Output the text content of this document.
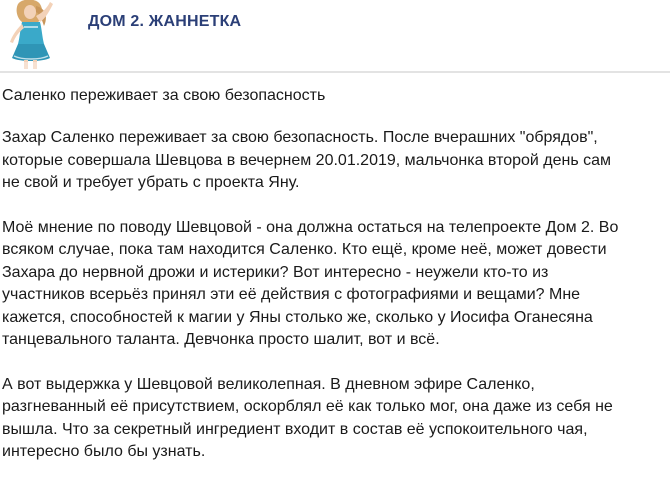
ДОМ 2. ЖАННЕТКА
Саленко переживает за свою безопасность

Захар Саленко переживает за свою безопасность. После вчерашних "обрядов",
которые совершала Шевцова в вечернем 20.01.2019, мальчонка второй день сам
не свой и требует убрать с проекта Яну.

Моё мнение по поводу Шевцовой - она должна остаться на телепроекте Дом 2. Во
всяком случае, пока там находится Саленко. Кто ещё, кроме неё, может довести
Захара до нервной дрожи и истерики? Вот интересно - неужели кто-то из
участников всерьёз принял эти её действия с фотографиями и вещами? Мне
кажется, способностей к магии у Яны столько же, сколько у Иосифа Оганесяна
танцевального таланта. Девчонка просто шалит, вот и всё.

А вот выдержка у Шевцовой великолепная. В дневном эфире Саленко,
разгневанный её присутствием, оскорблял её как только мог, она даже из себя не
вышла. Что за секретный ингредиент входит в состав её успокоительного чая,
интересно было бы узнать.
